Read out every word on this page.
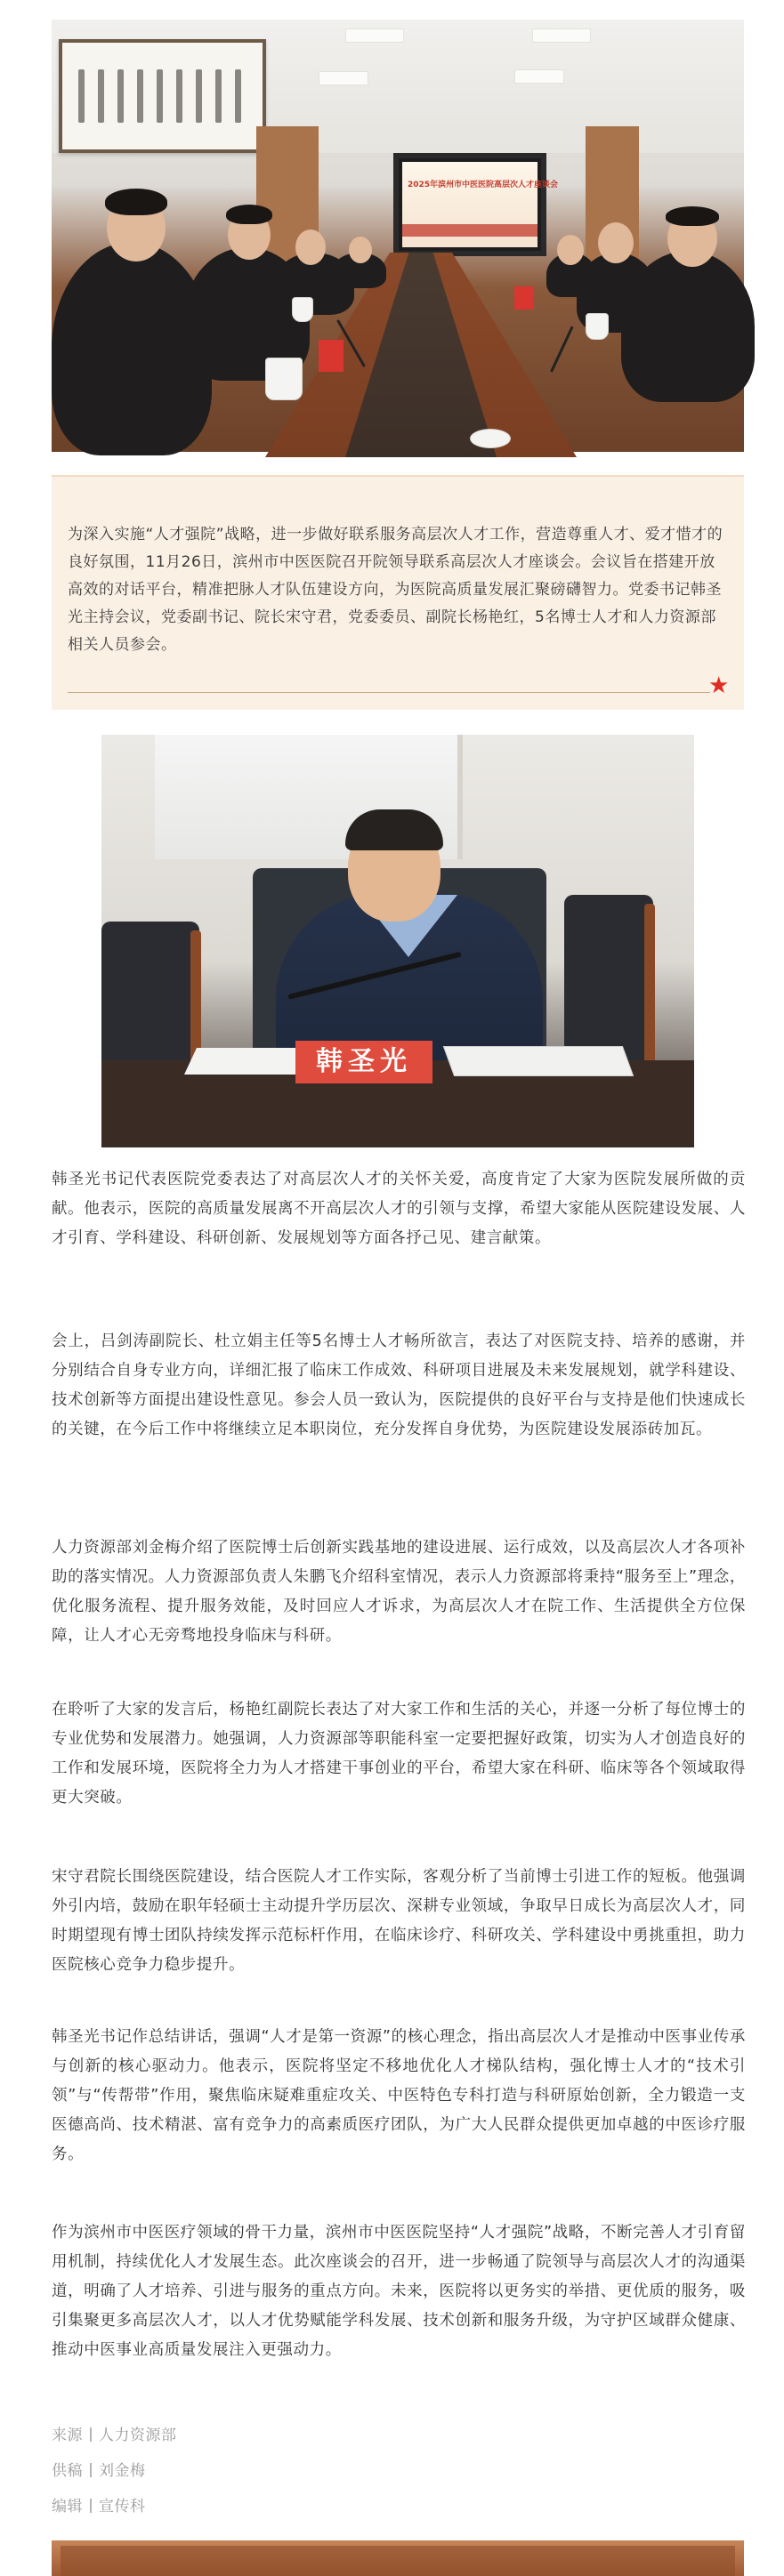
2025年滨州市中医医院高层次人才座谈会
为深入实施“人才强院”战略，进一步做好联系服务高层次人才工作，营造尊重人才、爱才惜才的良好氛围，11月26日，滨州市中医医院召开院领导联系高层次人才座谈会。会议旨在搭建开放高效的对话平台，精准把脉人才队伍建设方向，为医院高质量发展汇聚磅礴智力。党委书记韩圣光主持会议，党委副书记、院长宋守君，党委委员、副院长杨艳红，5名博士人才和人力资源部相关人员参会。
★
韩圣光

韩圣光书记代表医院党委表达了对高层次人才的关怀关爱，高度肯定了大家为医院发展所做的贡献。他表示，医院的高质量发展离不开高层次人才的引领与支撑，希望大家能从医院建设发展、人才引育、学科建设、科研创新、发展规划等方面各抒己见、建言献策。

会上，吕剑涛副院长、杜立娟主任等5名博士人才畅所欲言，表达了对医院支持、培养的感谢，并分别结合自身专业方向，详细汇报了临床工作成效、科研项目进展及未来发展规划，就学科建设、技术创新等方面提出建设性意见。参会人员一致认为，医院提供的良好平台与支持是他们快速成长的关键，在今后工作中将继续立足本职岗位，充分发挥自身优势，为医院建设发展添砖加瓦。

人力资源部刘金梅介绍了医院博士后创新实践基地的建设进展、运行成效，以及高层次人才各项补助的落实情况。人力资源部负责人朱鹏飞介绍科室情况，表示人力资源部将秉持“服务至上”理念，优化服务流程、提升服务效能，及时回应人才诉求，为高层次人才在院工作、生活提供全方位保障，让人才心无旁骛地投身临床与科研。

在聆听了大家的发言后，杨艳红副院长表达了对大家工作和生活的关心，并逐一分析了每位博士的专业优势和发展潜力。她强调，人力资源部等职能科室一定要把握好政策，切实为人才创造良好的工作和发展环境，医院将全力为人才搭建干事创业的平台，希望大家在科研、临床等各个领域取得更大突破。

宋守君院长围绕医院建设，结合医院人才工作实际，客观分析了当前博士引进工作的短板。他强调外引内培，鼓励在职年轻硕士主动提升学历层次、深耕专业领域，争取早日成长为高层次人才，同时期望现有博士团队持续发挥示范标杆作用，在临床诊疗、科研攻关、学科建设中勇挑重担，助力医院核心竞争力稳步提升。

韩圣光书记作总结讲话，强调“人才是第一资源”的核心理念，指出高层次人才是推动中医事业传承与创新的核心驱动力。他表示，医院将坚定不移地优化人才梯队结构，强化博士人才的“技术引领”与“传帮带”作用，聚焦临床疑难重症攻关、中医特色专科打造与科研原始创新，全力锻造一支医德高尚、技术精湛、富有竞争力的高素质医疗团队，为广大人民群众提供更加卓越的中医诊疗服务。

作为滨州市中医医疗领域的骨干力量，滨州市中医医院坚持“人才强院”战略，不断完善人才引育留用机制，持续优化人才发展生态。此次座谈会的召开，进一步畅通了院领导与高层次人才的沟通渠道，明确了人才培养、引进与服务的重点方向。未来，医院将以更务实的举措、更优质的服务，吸引集聚更多高层次人才，以人才优势赋能学科发展、技术创新和服务升级，为守护区域群众健康、推动中医事业高质量发展注入更强动力。

来源 人力资源部
供稿 刘金梅
编辑 宣传科
